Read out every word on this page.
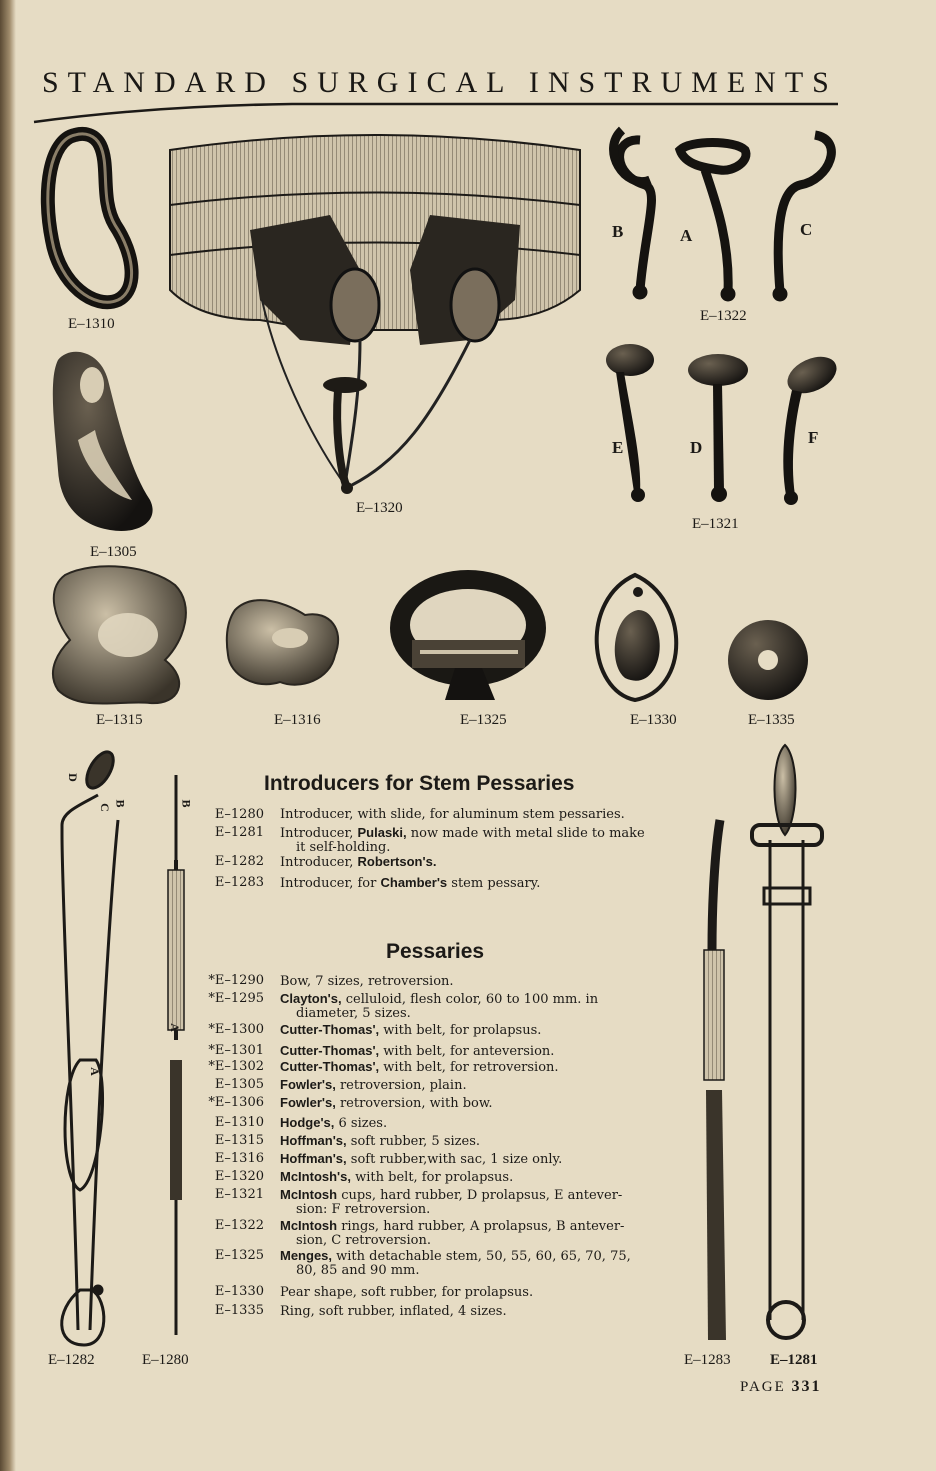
STANDARD SURGICAL INSTRUMENTS
E–1310
E–1305
E–1320
E–1322
E–1321
E–1315	E–1316	E–1325	E–1330	E–1335
E–1282	E–1280	E–1283	E–1281
B	A	C
E	D
F
D
B
C
A
B
A
Introducers for Stem Pessaries
E–1280 Introducer, with slide, for aluminum stem pessaries.
E–1281 Introducer, Pulaski, now made with metal slide to make
it self-holding.
E–1282 Introducer, Robertson's.
E–1283 Introducer, for Chamber's stem pessary.
Pessaries
*E–1290 Bow, 7 sizes, retroversion.
*E–1295 Clayton's, celluloid, flesh color, 60 to 100 mm. in
diameter, 5 sizes.
*E–1300 Cutter-Thomas', with belt, for prolapsus.
*E–1301 Cutter-Thomas', with belt, for anteversion.
*E–1302 Cutter-Thomas', with belt, for retroversion.
E–1305 Fowler's, retroversion, plain.
*E–1306 Fowler's, retroversion, with bow.
E–1310 Hodge's, 6 sizes.
E–1315 Hoffman's, soft rubber, 5 sizes.
E–1316 Hoffman's, soft rubber,with sac, 1 size only.
E–1320 McIntosh's, with belt, for prolapsus.
E–1321 McIntosh cups, hard rubber, D prolapsus, E antever-
sion: F retroversion.
E–1322 McIntosh rings, hard rubber, A prolapsus, B antever-
sion, C retroversion.
E–1325 Menges, with detachable stem, 50, 55, 60, 65, 70, 75,
80, 85 and 90 mm.
E–1330 Pear shape, soft rubber, for prolapsus.
E–1335 Ring, soft rubber, inflated, 4 sizes.
PAGE 331
